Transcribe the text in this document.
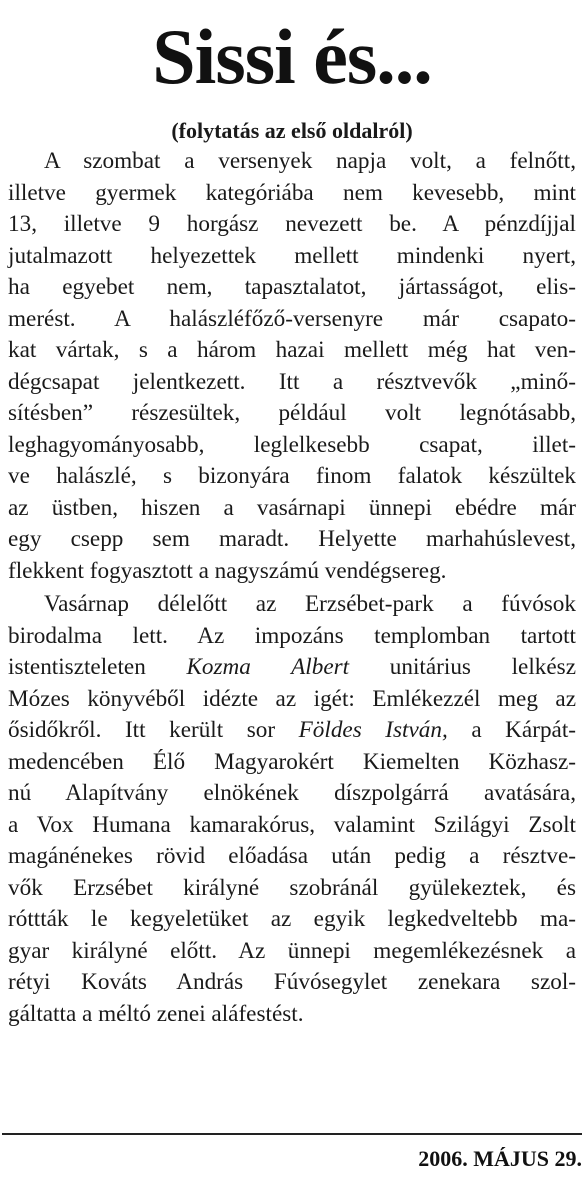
Sissi és...
(folytatás az első oldalról)
A szombat a versenyek napja volt, a felnőtt,
illetve gyermek kategóriába nem kevesebb, mint
13, illetve 9 horgász nevezett be. A pénzdíjjal
jutalmazott helyezettek mellett mindenki nyert,
ha egyebet nem, tapasztalatot, jártasságot, elis-
merést. A halászléfőző-versenyre már csapato-
kat vártak, s a három hazai mellett még hat ven-
dégcsapat jelentkezett. Itt a résztvevők „minő-
sítésben” részesültek, például volt legnótásabb,
leghagyományosabb, leglelkesebb csapat, illet-
ve halászlé, s bizonyára finom falatok készültek
az üstben, hiszen a vasárnapi ünnepi ebédre már
egy csepp sem maradt. Helyette marhahúslevest,
flekkent fogyasztott a nagyszámú vendégsereg.
Vasárnap délelőtt az Erzsébet-park a fúvósok
birodalma lett. Az impozáns templomban tartott
istentiszteleten Kozma Albert unitárius lelkész
Mózes könyvéből idézte az igét: Emlékezzél meg az
ősidőkről. Itt került sor Földes István, a Kárpát-
medencében Élő Magyarokért Kiemelten Közhasz-
nú Alapítvány elnökének díszpolgárrá avatására,
a Vox Humana kamarakórus, valamint Szilágyi Zsolt
magánénekes rövid előadása után pedig a résztve-
vők Erzsébet királyné szobránál gyülekeztek, és
róttták le kegyeletüket az egyik legkedveltebb ma-
gyar királyné előtt. Az ünnepi megemlékezésnek a
rétyi Kováts András Fúvósegylet zenekara szol-
gáltatta a méltó zenei aláfestést.
2006. MÁJUS 29.
